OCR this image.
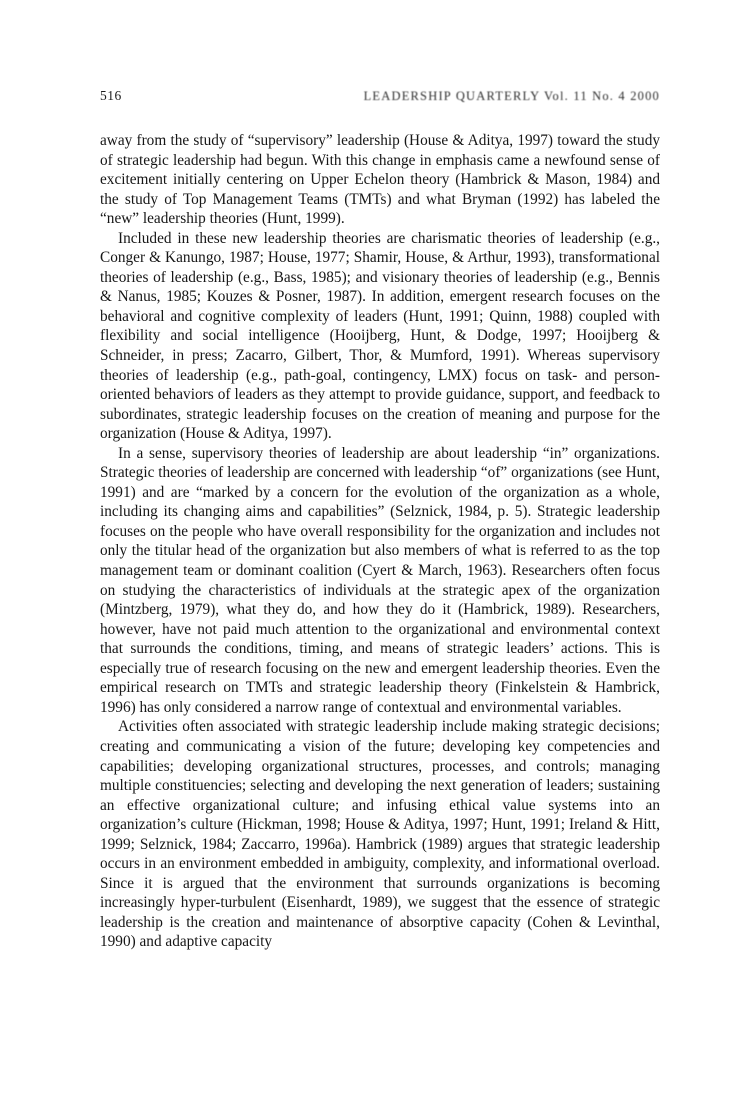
516	LEADERSHIP QUARTERLY Vol. 11 No. 4 2000

away from the study of “supervisory” leadership (House & Aditya, 1997) toward the study of strategic leadership had begun. With this change in emphasis came a newfound sense of excitement initially centering on Upper Echelon theory (Hambrick & Mason, 1984) and the study of Top Management Teams (TMTs) and what Bryman (1992) has labeled the “new” leadership theories (Hunt, 1999).

Included in these new leadership theories are charismatic theories of leadership (e.g., Conger & Kanungo, 1987; House, 1977; Shamir, House, & Arthur, 1993), transformational theories of leadership (e.g., Bass, 1985); and visionary theories of leadership (e.g., Bennis & Nanus, 1985; Kouzes & Posner, 1987). In addition, emergent research focuses on the behavioral and cognitive complexity of leaders (Hunt, 1991; Quinn, 1988) coupled with flexibility and social intelligence (Hooijberg, Hunt, & Dodge, 1997; Hooijberg & Schneider, in press; Zacarro, Gilbert, Thor, & Mumford, 1991). Whereas supervisory theories of leadership (e.g., path-goal, contingency, LMX) focus on task- and person-oriented behaviors of leaders as they attempt to provide guidance, support, and feedback to subordinates, strategic leadership focuses on the creation of meaning and purpose for the organization (House & Aditya, 1997).

In a sense, supervisory theories of leadership are about leadership “in” organizations. Strategic theories of leadership are concerned with leadership “of” organizations (see Hunt, 1991) and are “marked by a concern for the evolution of the organization as a whole, including its changing aims and capabilities” (Selznick, 1984, p. 5). Strategic leadership focuses on the people who have overall responsibility for the organization and includes not only the titular head of the organization but also members of what is referred to as the top management team or dominant coalition (Cyert & March, 1963). Researchers often focus on studying the characteristics of individuals at the strategic apex of the organization (Mintzberg, 1979), what they do, and how they do it (Hambrick, 1989). Researchers, however, have not paid much attention to the organizational and environmental context that surrounds the conditions, timing, and means of strategic leaders’ actions. This is especially true of research focusing on the new and emergent leadership theories. Even the empirical research on TMTs and strategic leadership theory (Finkelstein & Hambrick, 1996) has only considered a narrow range of contextual and environmental variables.

Activities often associated with strategic leadership include making strategic decisions; creating and communicating a vision of the future; developing key competencies and capabilities; developing organizational structures, processes, and controls; managing multiple constituencies; selecting and developing the next generation of leaders; sustaining an effective organizational culture; and infusing ethical value systems into an organization’s culture (Hickman, 1998; House & Aditya, 1997; Hunt, 1991; Ireland & Hitt, 1999; Selznick, 1984; Zaccarro, 1996a). Hambrick (1989) argues that strategic leadership occurs in an environment embedded in ambiguity, complexity, and informational overload. Since it is argued that the environment that surrounds organizations is becoming increasingly hyper-turbulent (Eisenhardt, 1989), we suggest that the essence of strategic leadership is the creation and maintenance of absorptive capacity (Cohen & Levinthal, 1990) and adaptive capacity
